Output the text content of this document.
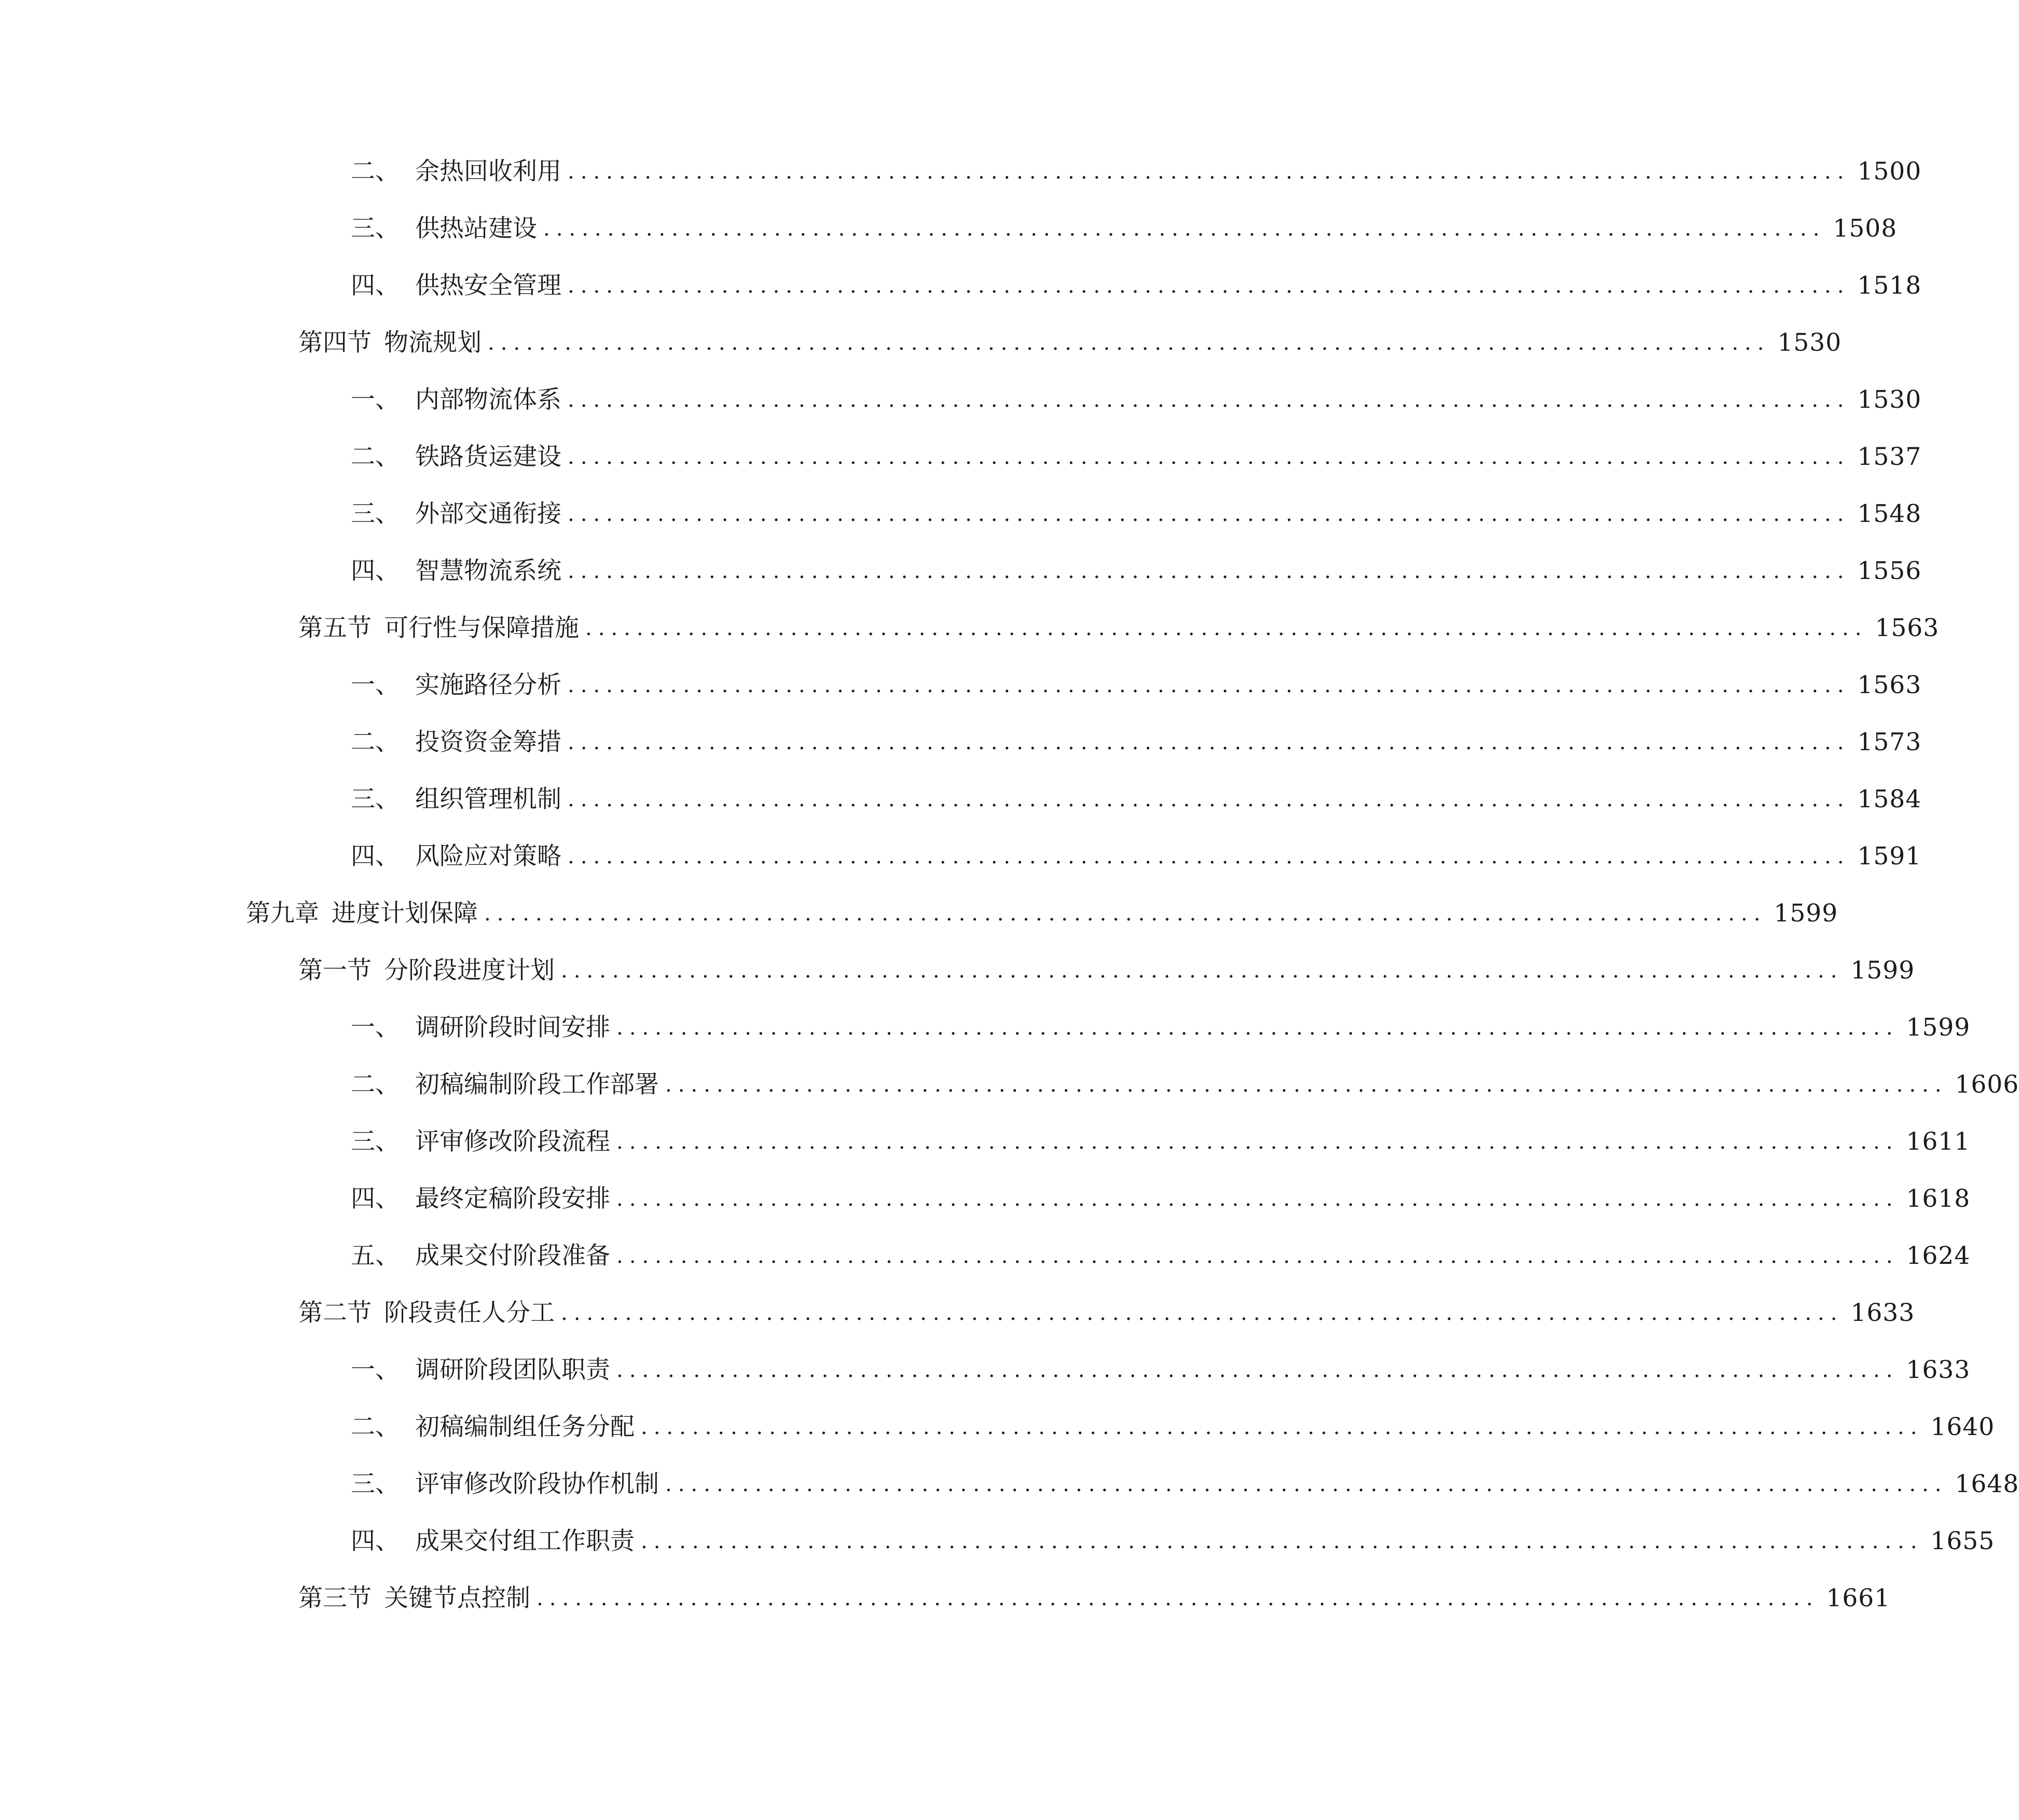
二、 余热回收利用 .................................................................................................... 1500
三、 供热站建设 .................................................................................................... 1508
四、 供热安全管理 .................................................................................................... 1518
第四节 物流规划 .................................................................................................... 1530
一、 内部物流体系 .................................................................................................... 1530
二、 铁路货运建设 .................................................................................................... 1537
三、 外部交通衔接 .................................................................................................... 1548
四、 智慧物流系统 .................................................................................................... 1556
第五节 可行性与保障措施 .................................................................................................... 1563
一、 实施路径分析 .................................................................................................... 1563
二、 投资资金筹措 .................................................................................................... 1573
三、 组织管理机制 .................................................................................................... 1584
四、 风险应对策略 .................................................................................................... 1591
第九章 进度计划保障 .................................................................................................... 1599
第一节 分阶段进度计划 .................................................................................................... 1599
一、 调研阶段时间安排 .................................................................................................... 1599
二、 初稿编制阶段工作部署 .................................................................................................... 1606
三、 评审修改阶段流程 .................................................................................................... 1611
四、 最终定稿阶段安排 .................................................................................................... 1618
五、 成果交付阶段准备 .................................................................................................... 1624
第二节 阶段责任人分工 .................................................................................................... 1633
一、 调研阶段团队职责 .................................................................................................... 1633
二、 初稿编制组任务分配 .................................................................................................... 1640
三、 评审修改阶段协作机制 .................................................................................................... 1648
四、 成果交付组工作职责 .................................................................................................... 1655
第三节 关键节点控制 .................................................................................................... 1661
